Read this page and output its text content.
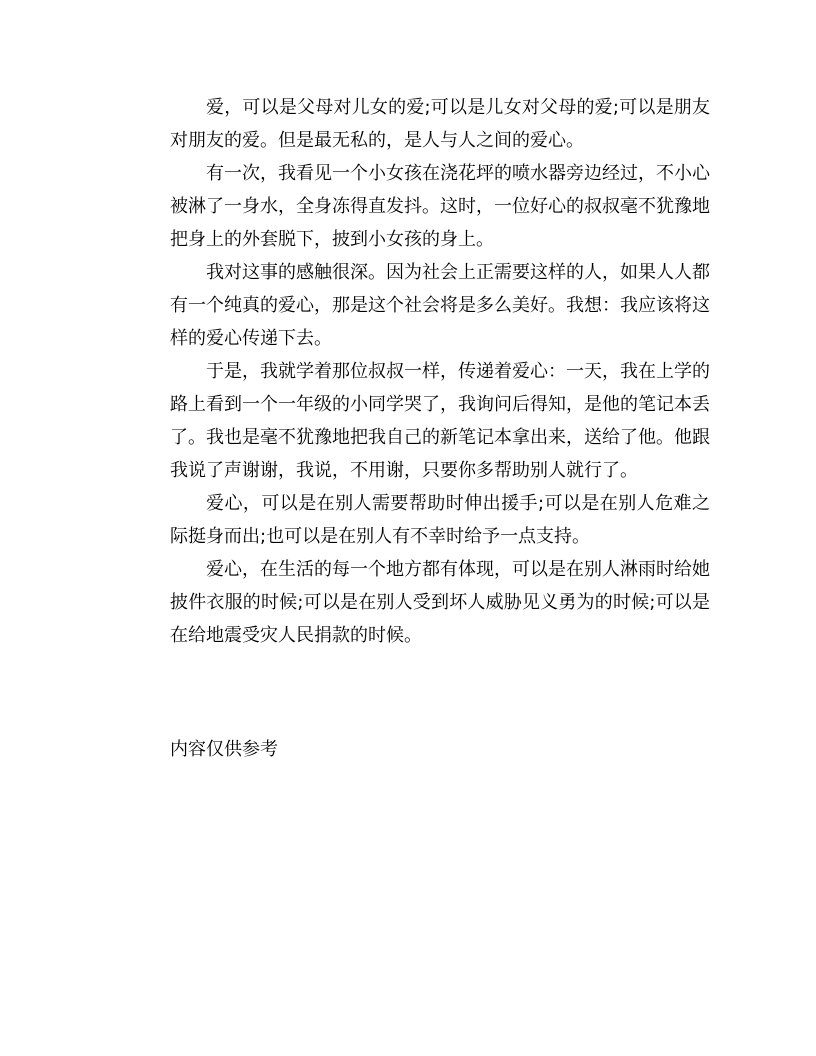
爱，可以是父母对儿女的爱;可以是儿女对父母的爱;可以是朋友对朋友的爱。但是最无私的，是人与人之间的爱心。

有一次，我看见一个小女孩在浇花坪的喷水器旁边经过，不小心被淋了一身水，全身冻得直发抖。这时，一位好心的叔叔毫不犹豫地把身上的外套脱下，披到小女孩的身上。

我对这事的感触很深。因为社会上正需要这样的人，如果人人都有一个纯真的爱心，那是这个社会将是多么美好。我想：我应该将这样的爱心传递下去。

于是，我就学着那位叔叔一样，传递着爱心：一天，我在上学的路上看到一个一年级的小同学哭了，我询问后得知，是他的笔记本丢了。我也是毫不犹豫地把我自己的新笔记本拿出来，送给了他。他跟我说了声谢谢，我说，不用谢，只要你多帮助别人就行了。

爱心，可以是在别人需要帮助时伸出援手;可以是在别人危难之际挺身而出;也可以是在别人有不幸时给予一点支持。

爱心，在生活的每一个地方都有体现，可以是在别人淋雨时给她披件衣服的时候;可以是在别人受到坏人威胁见义勇为的时候;可以是在给地震受灾人民捐款的时候。

内容仅供参考
